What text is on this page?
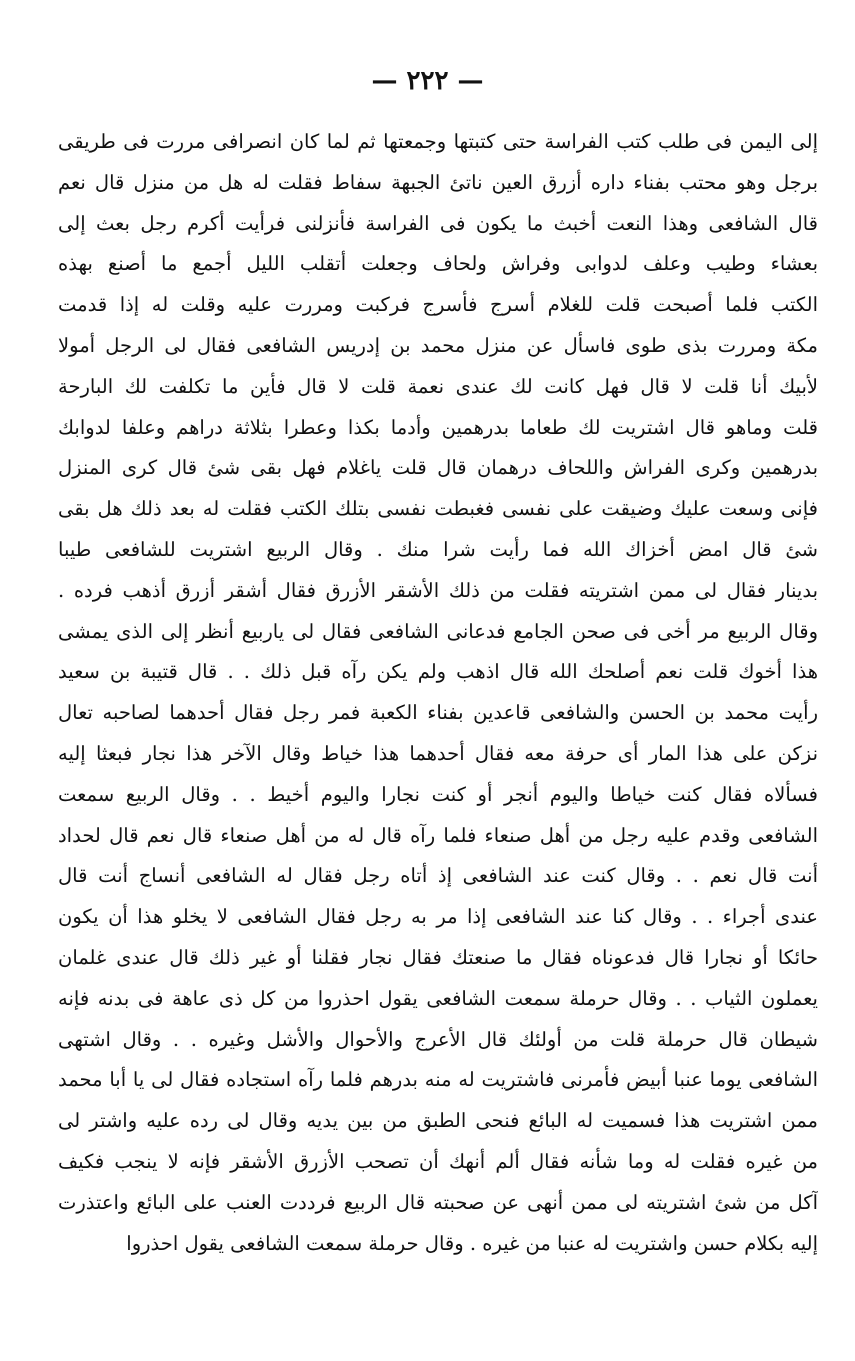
— ٢٢٢ —
إلى اليمن فى طلب كتب الفراسة حتى كتبتها وجمعتها ثم لما كان انصرافى مررت فى طريقى
برجل وهو محتب بفناء داره أزرق العين ناتئ الجبهة سفاط فقلت له هل من منزل قال نعم
قال الشافعى وهذا النعت أخبث ما يكون فى الفراسة فأنزلنى فرأيت أكرم رجل بعث إلى
بعشاء وطيب وعلف لدوابى وفراش ولحاف وجعلت أتقلب الليل أجمع ما أصنع بهذه
الكتب فلما أصبحت قلت للغلام أسرج فأسرج فركبت ومررت عليه وقلت له إذا قدمت
مكة ومررت بذى طوى فاسأل عن منزل محمد بن إدريس الشافعى فقال لى الرجل أمولا
لأبيك أنا قلت لا قال فهل كانت لك عندى نعمة قلت لا قال فأين ما تكلفت لك البارحة
قلت وماهو قال اشتريت لك طعاما بدرهمين وأدما بكذا وعطرا بثلاثة دراهم وعلفا لدوابك
بدرهمين وكرى الفراش واللحاف درهمان قال قلت ياغلام فهل بقى شئ قال كرى المنزل
فإنى وسعت عليك وضيقت على نفسى فغبطت نفسى بتلك الكتب فقلت له بعد ذلك هل بقى
شئ قال امض أخزاك الله فما رأيت شرا منك . وقال الربيع اشتريت للشافعى طيبا
بدينار فقال لى ممن اشتريته فقلت من ذلك الأشقر الأزرق فقال أشقر أزرق أذهب فرده .
وقال الربيع مر أخى فى صحن الجامع فدعانى الشافعى فقال لى ياربيع أنظر إلى الذى يمشى
هذا أخوك قلت نعم أصلحك الله قال اذهب ولم يكن رآه قبل ذلك . . قال قتيبة بن سعيد
رأيت محمد بن الحسن والشافعى قاعدين بفناء الكعبة فمر رجل فقال أحدهما لصاحبه تعال
نزكن على هذا المار أى حرفة معه فقال أحدهما هذا خياط وقال الآخر هذا نجار فبعثا إليه
فسألاه فقال كنت خياطا واليوم أنجر أو كنت نجارا واليوم أخيط . . وقال الربيع سمعت
الشافعى وقدم عليه رجل من أهل صنعاء فلما رآه قال له من أهل صنعاء قال نعم قال لحداد
أنت قال نعم . . وقال كنت عند الشافعى إذ أتاه رجل فقال له الشافعى أنساج أنت قال
عندى أجراء . . وقال كنا عند الشافعى إذا مر به رجل فقال الشافعى لا يخلو هذا أن يكون
حائكا أو نجارا قال فدعوناه فقال ما صنعتك فقال نجار فقلنا أو غير ذلك قال عندى غلمان
يعملون الثياب . . وقال حرملة سمعت الشافعى يقول احذروا من كل ذى عاهة فى بدنه فإنه
شيطان قال حرملة قلت من أولئك قال الأعرج والأحوال والأشل وغيره . . وقال اشتهى
الشافعى يوما عنبا أبيض فأمرنى فاشتريت له منه بدرهم فلما رآه استجاده فقال لى يا أبا محمد
ممن اشتريت هذا فسميت له البائع فنحى الطبق من بين يديه وقال لى رده عليه واشتر لى
من غيره فقلت له وما شأنه فقال ألم أنهك أن تصحب الأزرق الأشقر فإنه لا ينجب فكيف
آكل من شئ اشتريته لى ممن أنهى عن صحبته قال الربيع فرددت العنب على البائع واعتذرت
إليه بكلام حسن واشتريت له عنبا من غيره . وقال حرملة سمعت الشافعى يقول احذروا
